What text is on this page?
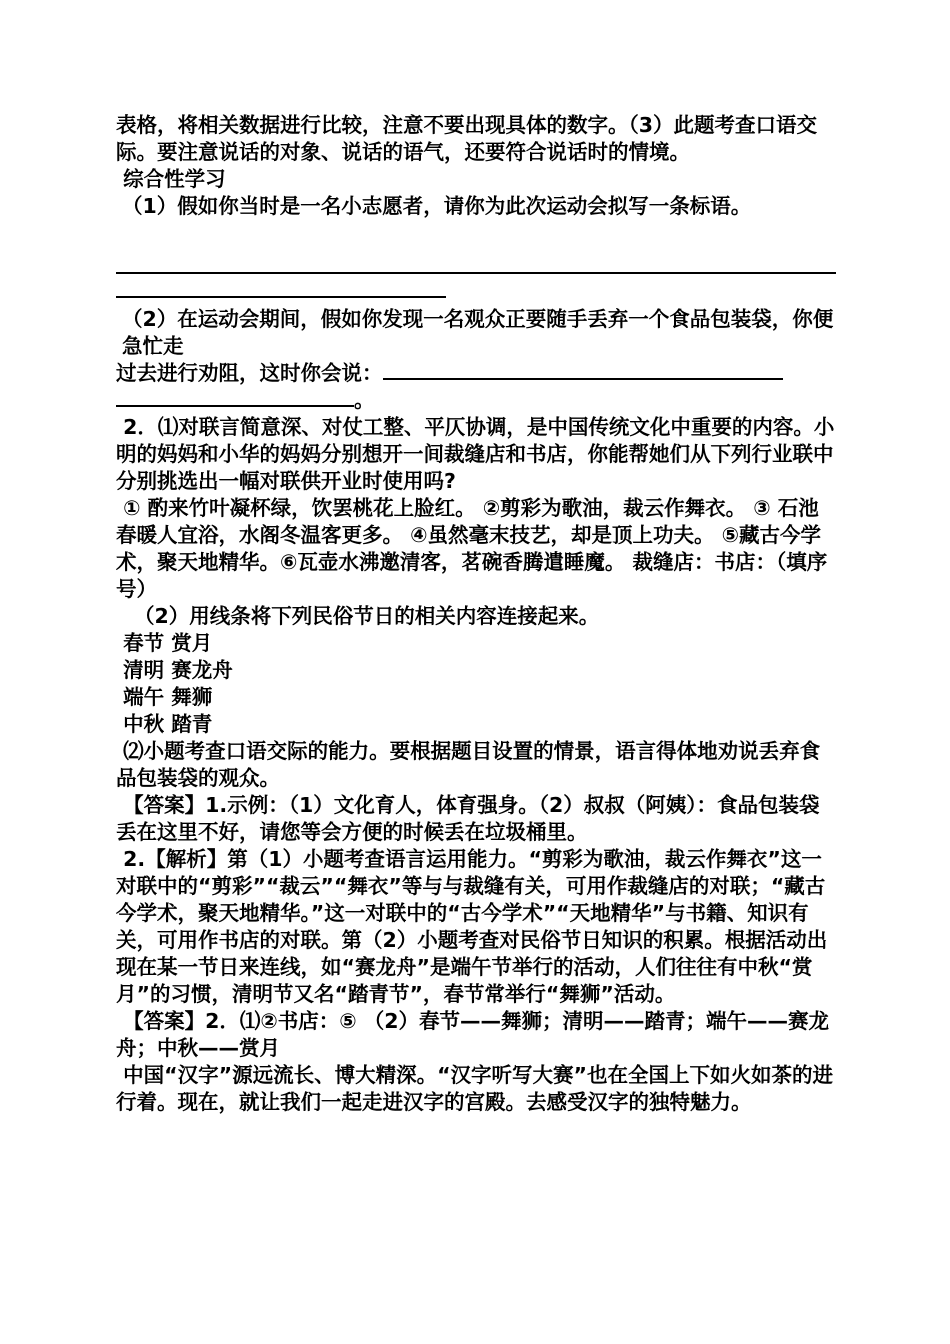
表格，将相关数据进行比较，注意不要出现具体的数字。（3）此题考查口语交际。要注意说话的对象、说话的语气，还要符合说话时的情境。

综合性学习

（1）假如你当时是一名小志愿者，请你为此次运动会拟写一条标语。

（2）在运动会期间，假如你发现一名观众正要随手丢弃一个食品包装袋，你便急忙走

过去进行劝阻，这时你会说：

。

2．⑴对联言简意深、对仗工整、平仄协调，是中国传统文化中重要的内容。小明的妈妈和小华的妈妈分别想开一间裁缝店和书店，你能帮她们从下列行业联中分别挑选出一幅对联供开业时使用吗?

① 酌来竹叶凝杯绿，饮罢桃花上脸红。 ②剪彩为歌油，裁云作舞衣。 ③ 石池春暖人宜浴，水阁冬温客更多。 ④虽然毫末技艺，却是顶上功夫。 ⑤藏古今学术，聚天地精华。⑥瓦壶水沸邀清客，茗碗香腾遣睡魔。 裁缝店：书店：（填序号）

（2）用线条将下列民俗节日的相关内容连接起来。

春节 赏月

清明 赛龙舟

端午 舞狮

中秋 踏青

⑵小题考查口语交际的能力。要根据题目设置的情景，语言得体地劝说丢弃食品包装袋的观众。

【答案】1.示例：（1）文化育人，体育强身。（2）叔叔（阿姨）：食品包装袋丢在这里不好，请您等会方便的时候丢在垃圾桶里。

2.【解析】第（1）小题考查语言运用能力。“剪彩为歌油，裁云作舞衣”这一对联中的“剪彩”“裁云”“舞衣”等与与裁缝有关，可用作裁缝店的对联；“藏古今学术，聚天地精华。”这一对联中的“古今学术”“天地精华”与书籍、知识有关，可用作书店的对联。第（2）小题考查对民俗节日知识的积累。根据活动出现在某一节日来连线，如“赛龙舟”是端午节举行的活动，人们往往有中秋“赏月”的习惯，清明节又名“踏青节”，春节常举行“舞狮”活动。

【答案】2．⑴②书店：⑤ （2）春节——舞狮；清明——踏青；端午——赛龙舟；中秋——赏月

中国“汉字”源远流长、博大精深。“汉字听写大赛”也在全国上下如火如茶的进行着。现在，就让我们一起走进汉字的宫殿。去感受汉字的独特魅力。
